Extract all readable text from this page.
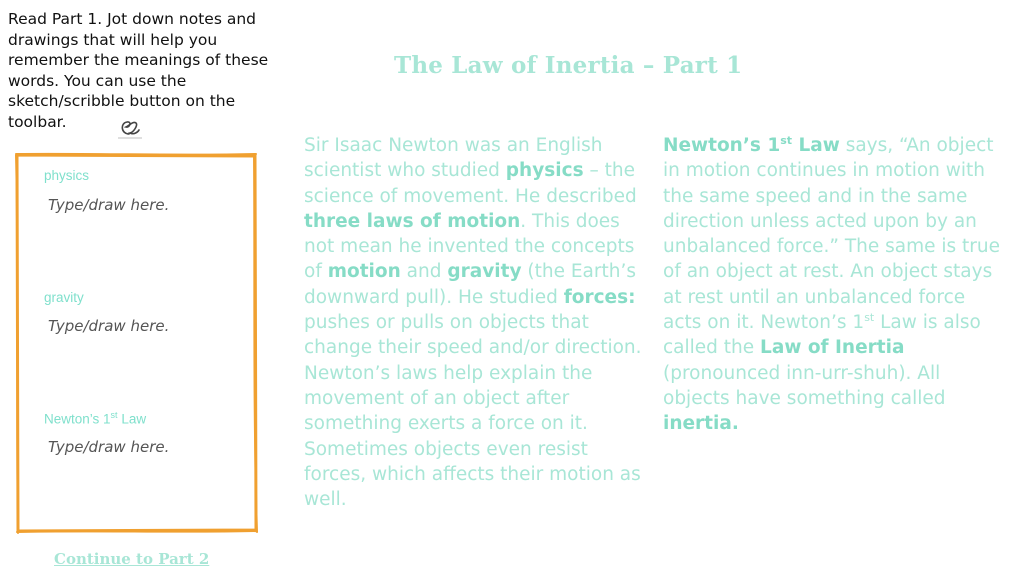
Read Part 1. Jot down notes and drawings that will help you remember the meanings of these words. You can use the sketch/scribble button on the toolbar.
physics
Type/draw here.
gravity
Type/draw here.
Newton’s 1st Law
Type/draw here.
The Law of Inertia – Part 1
Sir Isaac Newton was an English scientist who studied physics – the science of movement. He described three laws of motion. This does not mean he invented the concepts of motion and gravity (the Earth’s downward pull). He studied forces: pushes or pulls on objects that change their speed and/or direction. Newton’s laws help explain the movement of an object after something exerts a force on it. Sometimes objects even resist forces, which affects their motion as well.
Newton’s 1st Law says, “An object in motion continues in motion with the same speed and in the same direction unless acted upon by an unbalanced force.” The same is true of an object at rest. An object stays at rest until an unbalanced force acts on it. Newton’s 1st Law is also called the Law of Inertia (pronounced inn-urr-shuh). All objects have something called inertia.
Continue to Part 2
